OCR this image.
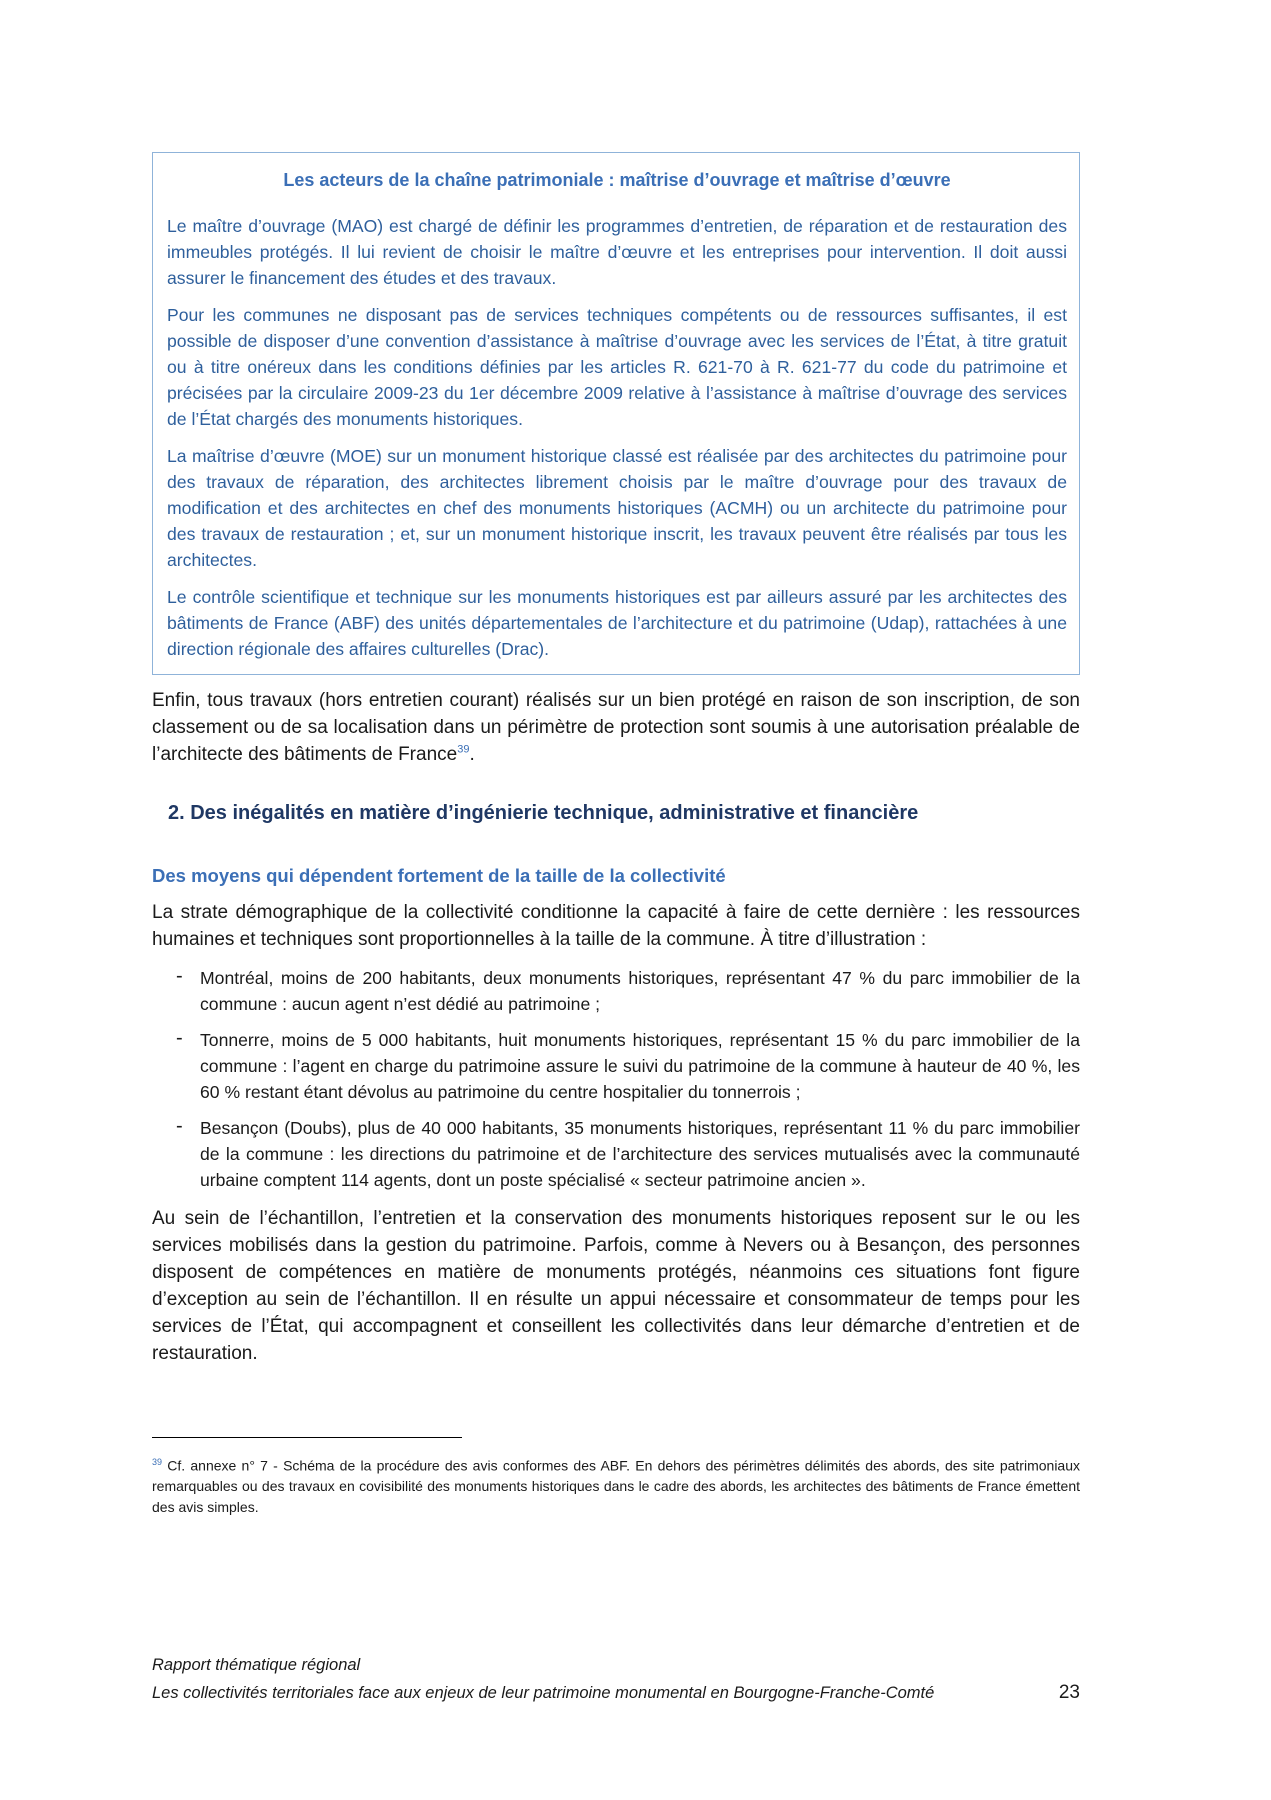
Les acteurs de la chaîne patrimoniale : maîtrise d’ouvrage et maîtrise d’œuvre

Le maître d’ouvrage (MAO) est chargé de définir les programmes d’entretien, de réparation et de restauration des immeubles protégés. Il lui revient de choisir le maître d’œuvre et les entreprises pour intervention. Il doit aussi assurer le financement des études et des travaux.

Pour les communes ne disposant pas de services techniques compétents ou de ressources suffisantes, il est possible de disposer d’une convention d’assistance à maîtrise d’ouvrage avec les services de l’État, à titre gratuit ou à titre onéreux dans les conditions définies par les articles R. 621-70 à R. 621-77 du code du patrimoine et précisées par la circulaire 2009-23 du 1er décembre 2009 relative à l’assistance à maîtrise d’ouvrage des services de l’État chargés des monuments historiques.

La maîtrise d’œuvre (MOE) sur un monument historique classé est réalisée par des architectes du patrimoine pour des travaux de réparation, des architectes librement choisis par le maître d’ouvrage pour des travaux de modification et des architectes en chef des monuments historiques (ACMH) ou un architecte du patrimoine pour des travaux de restauration ; et, sur un monument historique inscrit, les travaux peuvent être réalisés par tous les architectes.

Le contrôle scientifique et technique sur les monuments historiques est par ailleurs assuré par les architectes des bâtiments de France (ABF) des unités départementales de l’architecture et du patrimoine (Udap), rattachées à une direction régionale des affaires culturelles (Drac).

Enfin, tous travaux (hors entretien courant) réalisés sur un bien protégé en raison de son inscription, de son classement ou de sa localisation dans un périmètre de protection sont soumis à une autorisation préalable de l’architecte des bâtiments de France$^{39}$.

2. Des inégalités en matière d’ingénierie technique, administrative et financière
Des moyens qui dépendent fortement de la taille de la collectivité

La strate démographique de la collectivité conditionne la capacité à faire de cette dernière : les ressources humaines et techniques sont proportionnelles à la taille de la commune. À titre d’illustration :

- Montréal, moins de 200 habitants, deux monuments historiques, représentant 47 % du parc immobilier de la commune : aucun agent n’est dédié au patrimoine ;
- Tonnerre, moins de 5 000 habitants, huit monuments historiques, représentant 15 % du parc immobilier de la commune : l’agent en charge du patrimoine assure le suivi du patrimoine de la commune à hauteur de 40 %, les 60 % restant étant dévolus au patrimoine du centre hospitalier du tonnerrois ;
- Besançon (Doubs), plus de 40 000 habitants, 35 monuments historiques, représentant 11 % du parc immobilier de la commune : les directions du patrimoine et de l’architecture des services mutualisés avec la communauté urbaine comptent 114 agents, dont un poste spécialisé « secteur patrimoine ancien ».

Au sein de l’échantillon, l’entretien et la conservation des monuments historiques reposent sur le ou les services mobilisés dans la gestion du patrimoine. Parfois, comme à Nevers ou à Besançon, des personnes disposent de compétences en matière de monuments protégés, néanmoins ces situations font figure d’exception au sein de l’échantillon. Il en résulte un appui nécessaire et consommateur de temps pour les services de l’État, qui accompagnent et conseillent les collectivités dans leur démarche d’entretien et de restauration.

$^{39}$ Cf. annexe n° 7 - Schéma de la procédure des avis conformes des ABF. En dehors des périmètres délimités des abords, des site patrimoniaux remarquables ou des travaux en covisibilité des monuments historiques dans le cadre des abords, les architectes des bâtiments de France émettent des avis simples.

Rapport thématique régional
Les collectivités territoriales face aux enjeux de leur patrimoine monumental en Bourgogne-Franche-Comté	23
